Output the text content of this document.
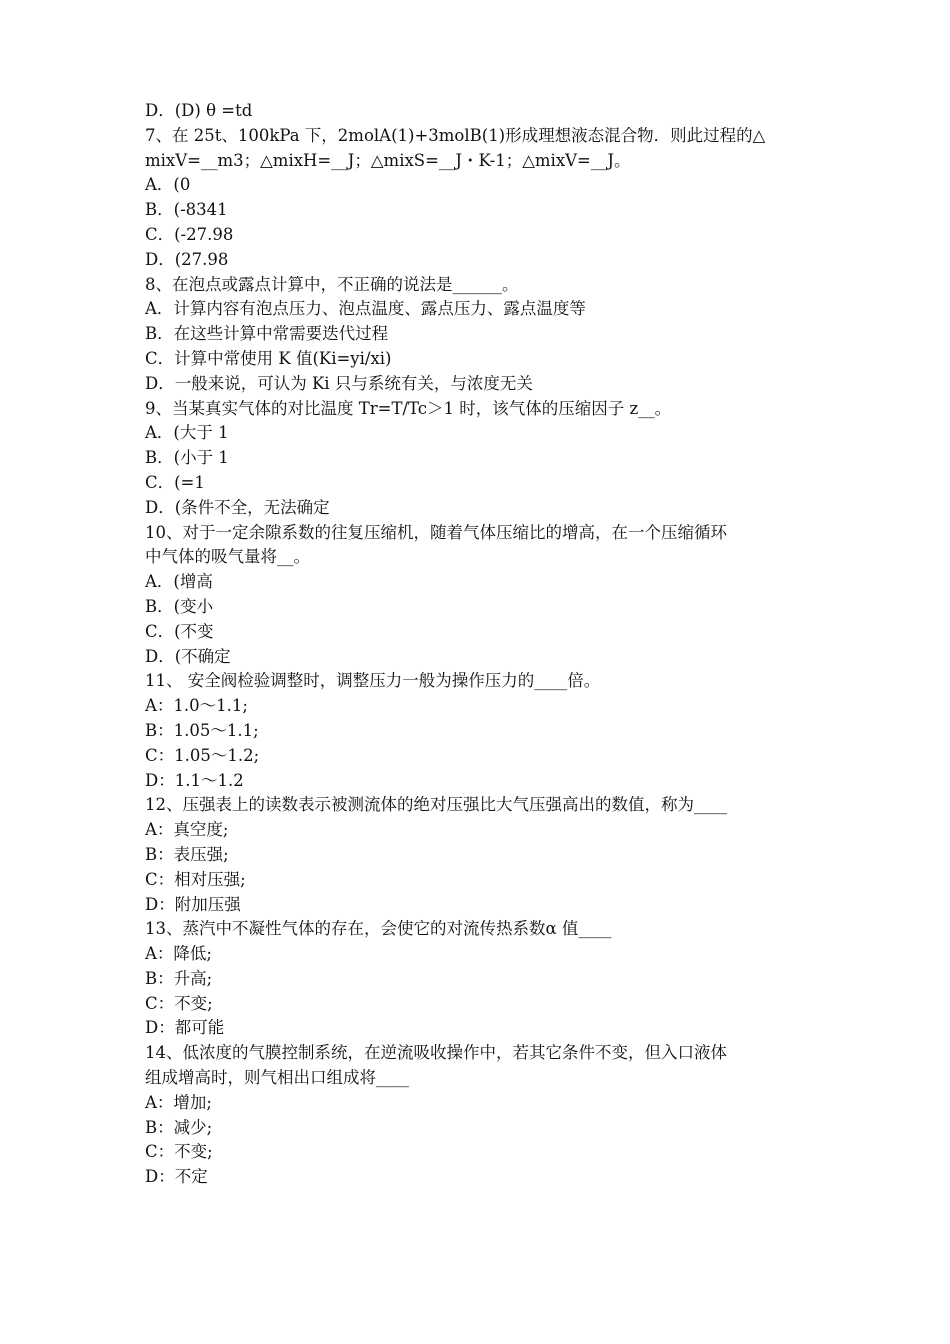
D．(D) θ =td
7、在 25t、100kPa 下，2molA(1)+3molB(1)形成理想液态混合物．则此过程的△
mixV=__m3；△mixH=__J；△mixS=__J・K-1；△mixV=__J。
A．(0
B．(-8341
C．(-27.98
D．(27.98
8、在泡点或露点计算中，不正确的说法是______。
A．计算内容有泡点压力、泡点温度、露点压力、露点温度等
B．在这些计算中常需要迭代过程
C．计算中常使用 K 值(Ki=yi/xi)
D．一般来说，可认为 Ki 只与系统有关，与浓度无关
9、当某真实气体的对比温度 Tr=T/Tc＞1 时，该气体的压缩因子 z__。
A．(大于 1
B．(小于 1
C．(=1
D．(条件不全，无法确定
10、对于一定余隙系数的往复压缩机，随着气体压缩比的增高，在一个压缩循环
中气体的吸气量将__。
A．(增高
B．(变小
C．(不变
D．(不确定
11、 安全阀检验调整时，调整压力一般为操作压力的____倍。
A：1.0～1.1;
B：1.05～1.1;
C：1.05～1.2;
D：1.1～1.2
12、压强表上的读数表示被测流体的绝对压强比大气压强高出的数值，称为____
A：真空度;
B：表压强;
C：相对压强;
D：附加压强
13、蒸汽中不凝性气体的存在，会使它的对流传热系数α 值____
A：降低;
B：升高;
C：不变;
D：都可能
14、低浓度的气膜控制系统，在逆流吸收操作中，若其它条件不变，但入口液体
组成增高时，则气相出口组成将____
A：增加;
B：减少;
C：不变;
D：不定
